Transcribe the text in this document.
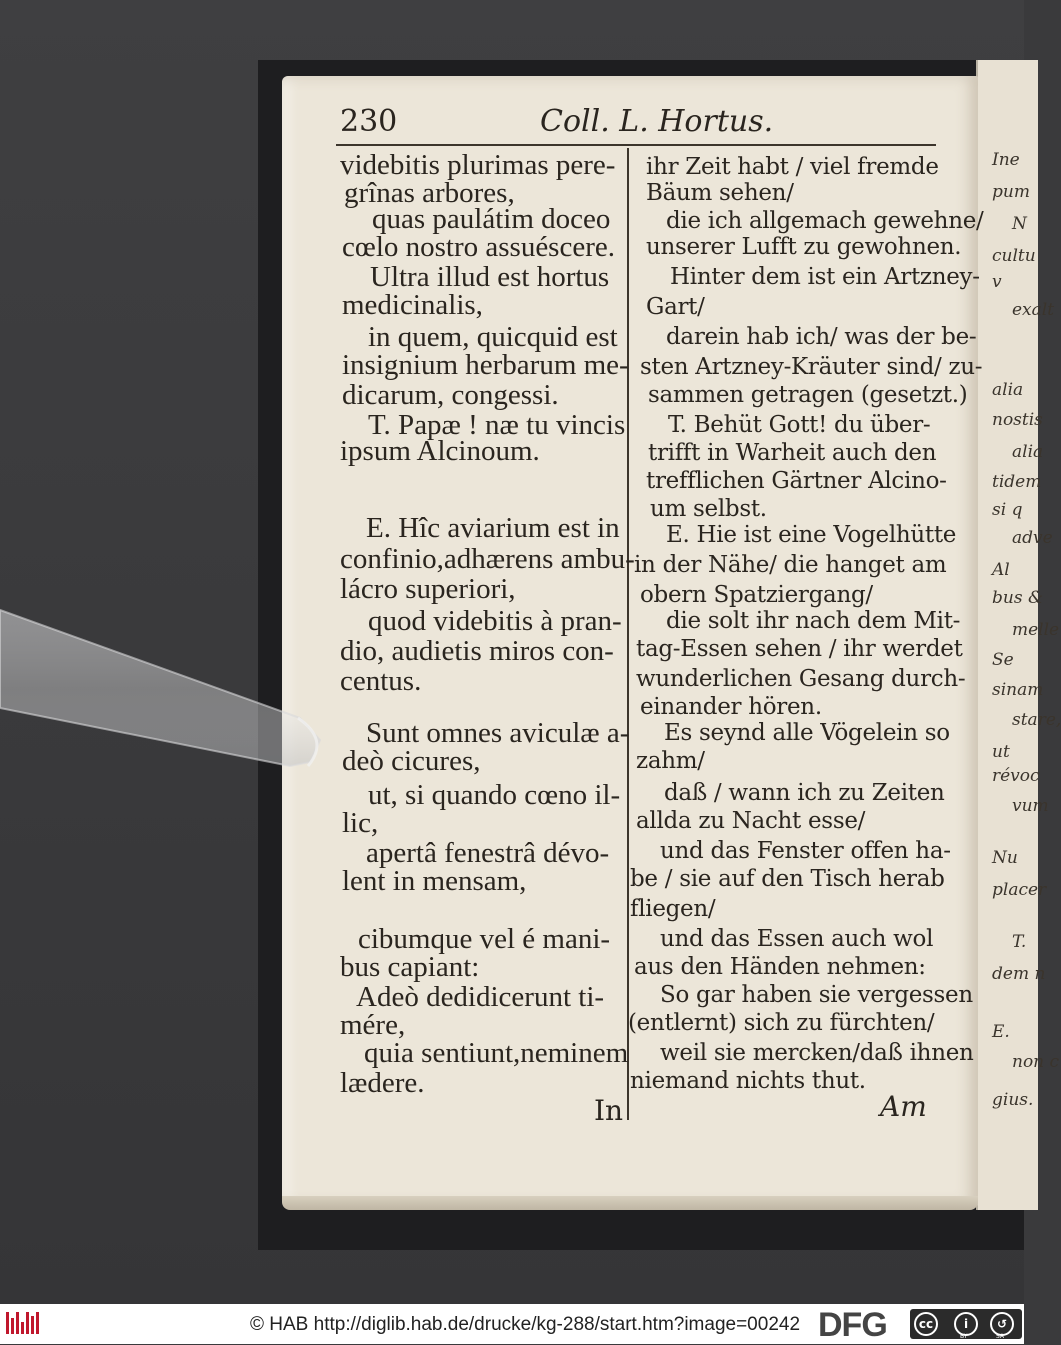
Ine
pum
N
cultu
v
exalt
alia
nostis
alia
tidem
si q
adve
Al
bus &
melle
Se
sinam
stare,
ut
révoc
vum
Nu
placer
T.
dem n
E.
non c
gius.
230	Coll. L. Hortus.
videbitis plurimas pere-
grînas arbores,
quas paulátim doceo
cœlo nostro assuéscere.
Ultra illud est hortus
medicinalis,
in quem, quicquid est
insignium herbarum me-
dicarum, congessi.
T. Papæ ! næ tu vincis
ipsum Alcinoum.
E. Hîc aviarium est in
confinio,adhærens ambu-
lácro superiori,
quod videbitis à pran-
dio, audietis miros con-
centus.
Sunt omnes aviculæ a-
deò cicures,
ut, si quando cœno il-
lic,
apertâ fenestrâ dévo-
lent in mensam,
cibumque vel é mani-
bus capiant:
Adeò dedidicerunt ti-
mére,
quia sentiunt,neminem
lædere.
ihr Zeit habt / viel fremde
Bäum sehen/
die ich allgemach gewehne/
unserer Lufft zu gewohnen.
Hinter dem ist ein Artzney-
Gart/
darein hab ich/ was der be-
sten Artzney-Kräuter sind/ zu-
sammen getragen (gesetzt.)
T. Behüt Gott! du über-
trifft in Warheit auch den
trefflichen Gärtner Alcino-
um selbst.
E. Hie ist eine Vogelhütte
in der Nähe/ die hanget am
obern Spatziergang/
die solt ihr nach dem Mit-
tag-Essen sehen / ihr werdet
wunderlichen Gesang durch-
einander hören.
Es seynd alle Vögelein so
zahm/
daß / wann ich zu Zeiten
allda zu Nacht esse/
und das Fenster offen ha-
be / sie auf den Tisch herab
fliegen/
und das Essen auch wol
aus den Händen nehmen:
So gar haben sie vergessen
(entlernt) sich zu fürchten/
weil sie mercken/daß ihnen
niemand nichts thut.
In	Am
© HAB http://diglib.hab.de/drucke/kg-288/start.htm?image=00242 DFG	cc	i	↺
BY	SA
